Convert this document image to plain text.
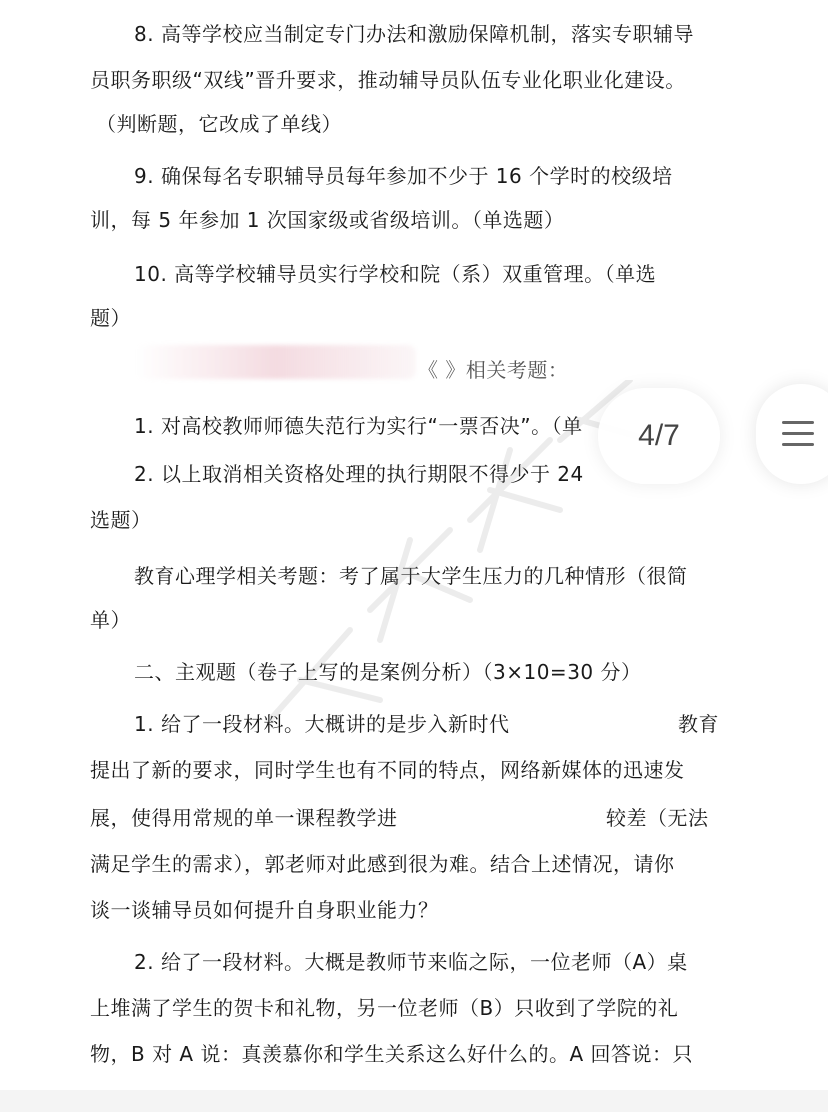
8. 高等学校应当制定专门办法和激励保障机制，落实专职辅导
员职务职级“双线”晋升要求，推动辅导员队伍专业化职业化建设。
（判断题，它改成了单线）
9. 确保每名专职辅导员每年参加不少于 16 个学时的校级培
训，每 5 年参加 1 次国家级或省级培训。（单选题）
10. 高等学校辅导员实行学校和院（系）双重管理。（单选
题）
《 》相关考题：
1. 对高校教师师德失范行为实行“一票否决”。（单
2. 以上取消相关资格处理的执行期限不得少于 24
选题）
教育心理学相关考题：考了属于大学生压力的几种情形（很简
单）
二、主观题（卷子上写的是案例分析）（3×10=30 分）
1. 给了一段材料。大概讲的是步入新时代	教育
提出了新的要求，同时学生也有不同的特点，网络新媒体的迅速发
展，使得用常规的单一课程教学进	较差（无法
满足学生的需求），郭老师对此感到很为难。结合上述情况，请你
谈一谈辅导员如何提升自身职业能力？
2. 给了一段材料。大概是教师节来临之际，一位老师（A）桌
上堆满了学生的贺卡和礼物，另一位老师（B）只收到了学院的礼
物，B 对 A 说：真羡慕你和学生关系这么好什么的。A 回答说：只
4/7
